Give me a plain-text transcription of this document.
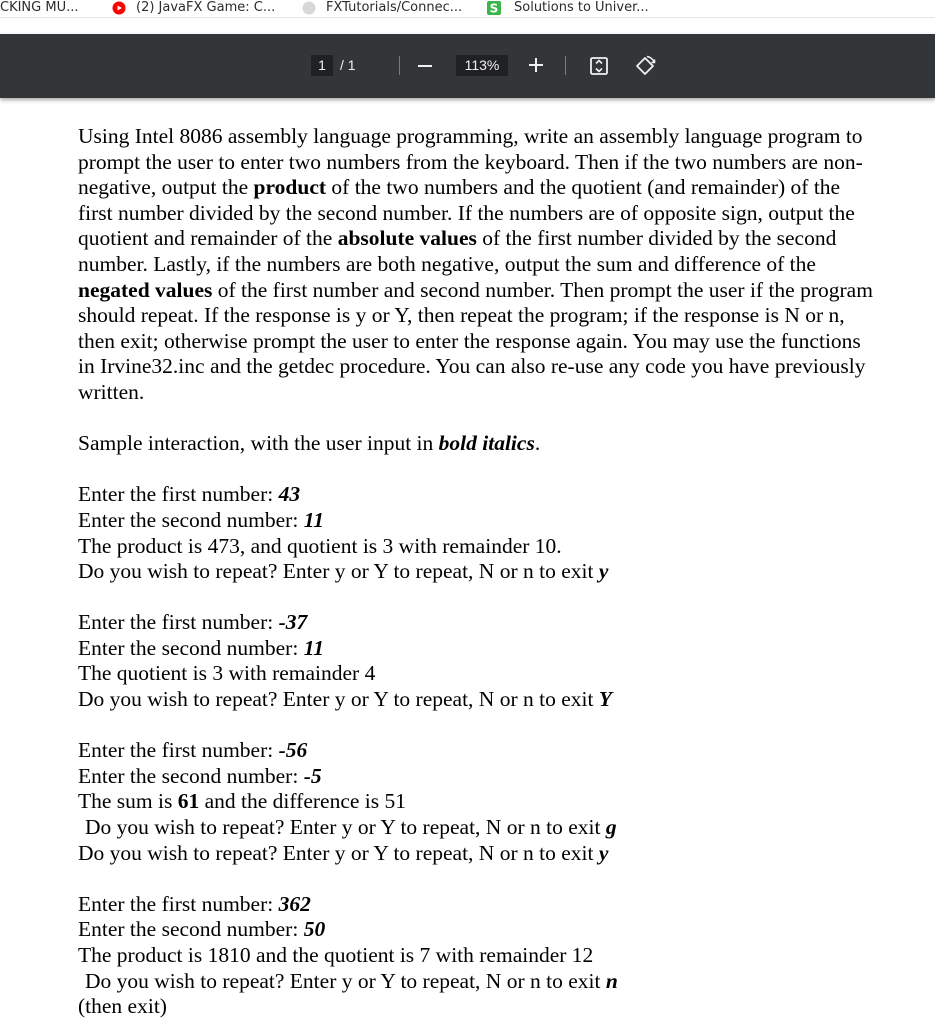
CKING MU...	(2) JavaFX Game: C...	FXTutorials/Connec... S Solutions to Univer...
1	/ 1	113%

Using Intel 8086 assembly language programming, write an assembly language program to prompt the user to enter two numbers from the keyboard. Then if the two numbers are non-negative, output the product of the two numbers and the quotient (and remainder) of the first number divided by the second number. If the numbers are of opposite sign, output the quotient and remainder of the absolute values of the first number divided by the second number. Lastly, if the numbers are both negative, output the sum and difference of the negated values of the first number and second number. Then prompt the user if the program should repeat. If the response is y or Y, then repeat the program; if the response is N or n, then exit; otherwise prompt the user to enter the response again. You may use the functions in Irvine32.inc and the getdec procedure. You can also re-use any code you have previously written.

Sample interaction, with the user input in bold italics.

Enter the first number: 43

Enter the second number: 11

The product is 473, and quotient is 3 with remainder 10.

Do you wish to repeat? Enter y or Y to repeat, N or n to exit y

Enter the first number: -37

Enter the second number: 11

The quotient is 3 with remainder 4

Do you wish to repeat? Enter y or Y to repeat, N or n to exit Y

Enter the first number: -56

Enter the second number: -5

The sum is 61 and the difference is 51

Do you wish to repeat? Enter y or Y to repeat, N or n to exit g

Do you wish to repeat? Enter y or Y to repeat, N or n to exit y

Enter the first number: 362

Enter the second number: 50

The product is 1810 and the quotient is 7 with remainder 12

Do you wish to repeat? Enter y or Y to repeat, N or n to exit n

(then exit)
